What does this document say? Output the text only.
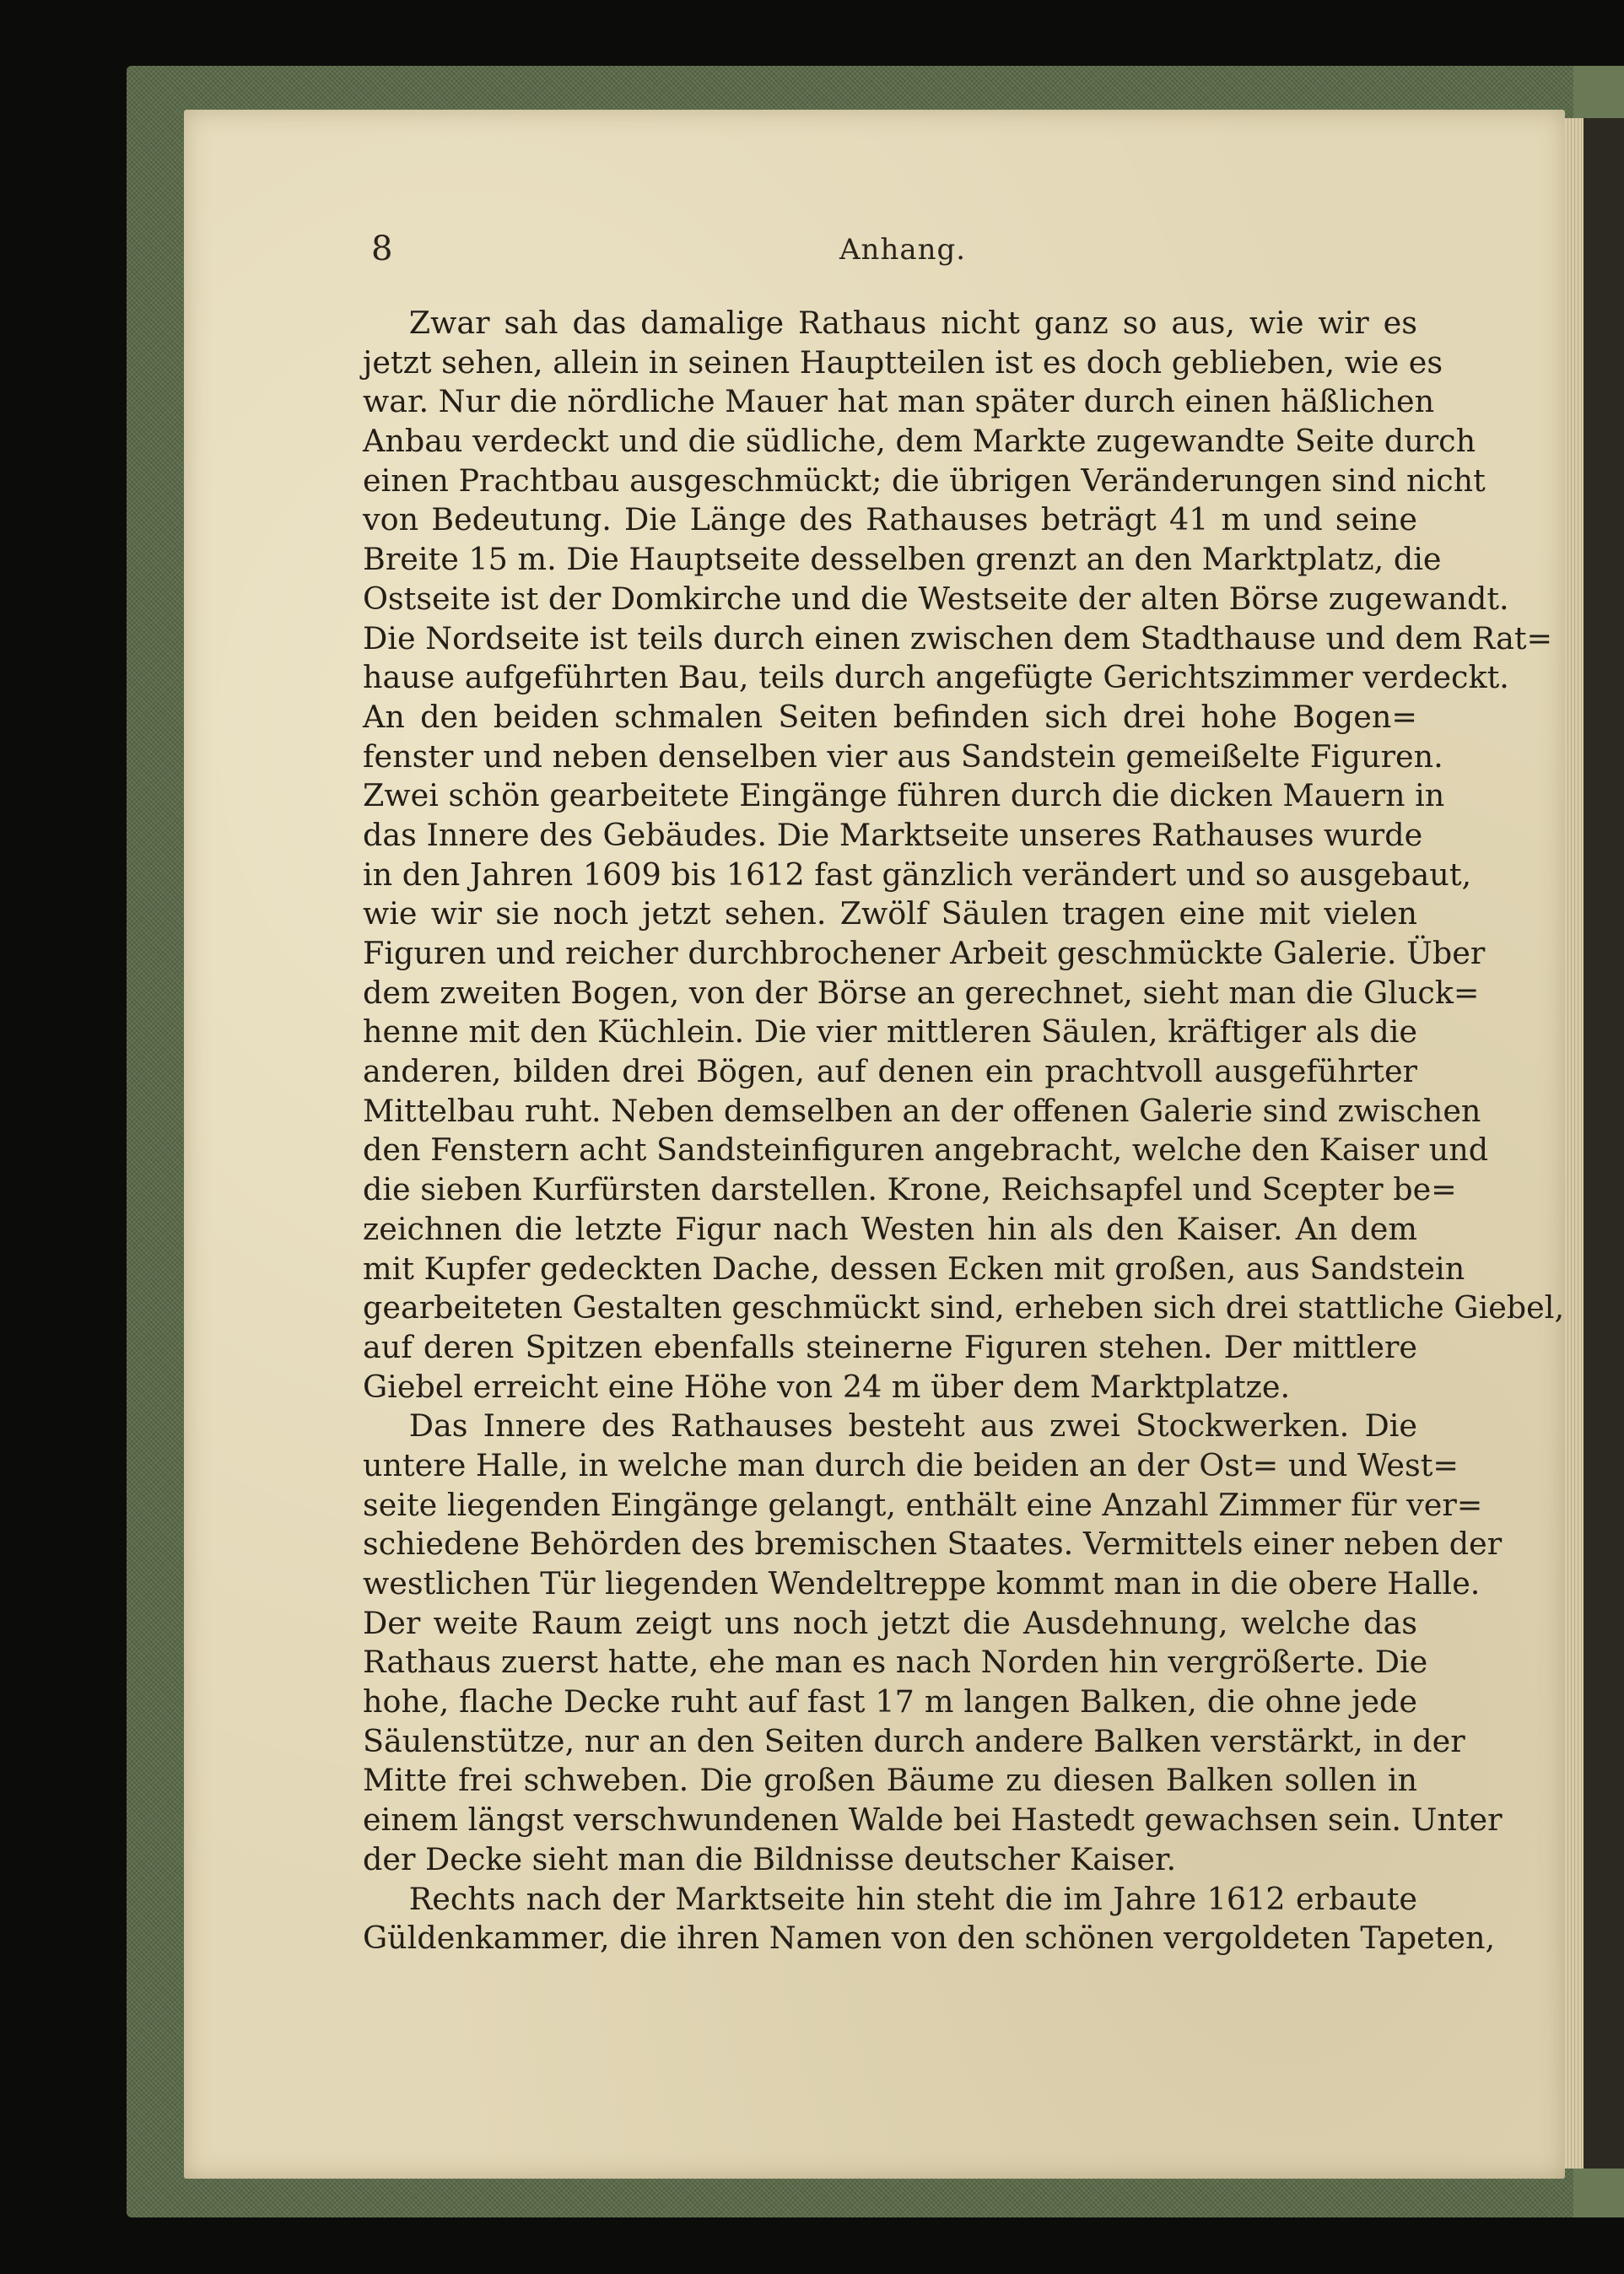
8	Anhang.

  Zwar sah das damalige Rathaus nicht ganz so aus, wie wir es
jetzt sehen, allein in seinen Hauptteilen ist es doch geblieben, wie es
war. Nur die nördliche Mauer hat man später durch einen häßlichen
Anbau verdeckt und die südliche, dem Markte zugewandte Seite durch
einen Prachtbau ausgeschmückt; die übrigen Veränderungen sind nicht
von Bedeutung. Die Länge des Rathauses beträgt 41 m und seine
Breite 15 m. Die Hauptseite desselben grenzt an den Marktplatz, die
Ostseite ist der Domkirche und die Westseite der alten Börse zugewandt.
Die Nordseite ist teils durch einen zwischen dem Stadthause und dem Rat=
hause aufgeführten Bau, teils durch angefügte Gerichtszimmer verdeckt.
An den beiden schmalen Seiten befinden sich drei hohe Bogen=
fenster und neben denselben vier aus Sandstein gemeißelte Figuren.
Zwei schön gearbeitete Eingänge führen durch die dicken Mauern in
das Innere des Gebäudes. Die Marktseite unseres Rathauses wurde
in den Jahren 1609 bis 1612 fast gänzlich verändert und so ausgebaut,
wie wir sie noch jetzt sehen. Zwölf Säulen tragen eine mit vielen
Figuren und reicher durchbrochener Arbeit geschmückte Galerie. Über
dem zweiten Bogen, von der Börse an gerechnet, sieht man die Gluck=
henne mit den Küchlein. Die vier mittleren Säulen, kräftiger als die
anderen, bilden drei Bögen, auf denen ein prachtvoll ausgeführter
Mittelbau ruht. Neben demselben an der offenen Galerie sind zwischen
den Fenstern acht Sandsteinfiguren angebracht, welche den Kaiser und
die sieben Kurfürsten darstellen. Krone, Reichsapfel und Scepter be=
zeichnen die letzte Figur nach Westen hin als den Kaiser. An dem
mit Kupfer gedeckten Dache, dessen Ecken mit großen, aus Sandstein
gearbeiteten Gestalten geschmückt sind, erheben sich drei stattliche Giebel,
auf deren Spitzen ebenfalls steinerne Figuren stehen. Der mittlere
Giebel erreicht eine Höhe von 24 m über dem Marktplatze.

  Das Innere des Rathauses besteht aus zwei Stockwerken. Die
untere Halle, in welche man durch die beiden an der Ost= und West=
seite liegenden Eingänge gelangt, enthält eine Anzahl Zimmer für ver=
schiedene Behörden des bremischen Staates. Vermittels einer neben der
westlichen Tür liegenden Wendeltreppe kommt man in die obere Halle.
Der weite Raum zeigt uns noch jetzt die Ausdehnung, welche das
Rathaus zuerst hatte, ehe man es nach Norden hin vergrößerte. Die
hohe, flache Decke ruht auf fast 17 m langen Balken, die ohne jede
Säulenstütze, nur an den Seiten durch andere Balken verstärkt, in der
Mitte frei schweben. Die großen Bäume zu diesen Balken sollen in
einem längst verschwundenen Walde bei Hastedt gewachsen sein. Unter
der Decke sieht man die Bildnisse deutscher Kaiser.

  Rechts nach der Marktseite hin steht die im Jahre 1612 erbaute
Güldenkammer, die ihren Namen von den schönen vergoldeten Tapeten,
